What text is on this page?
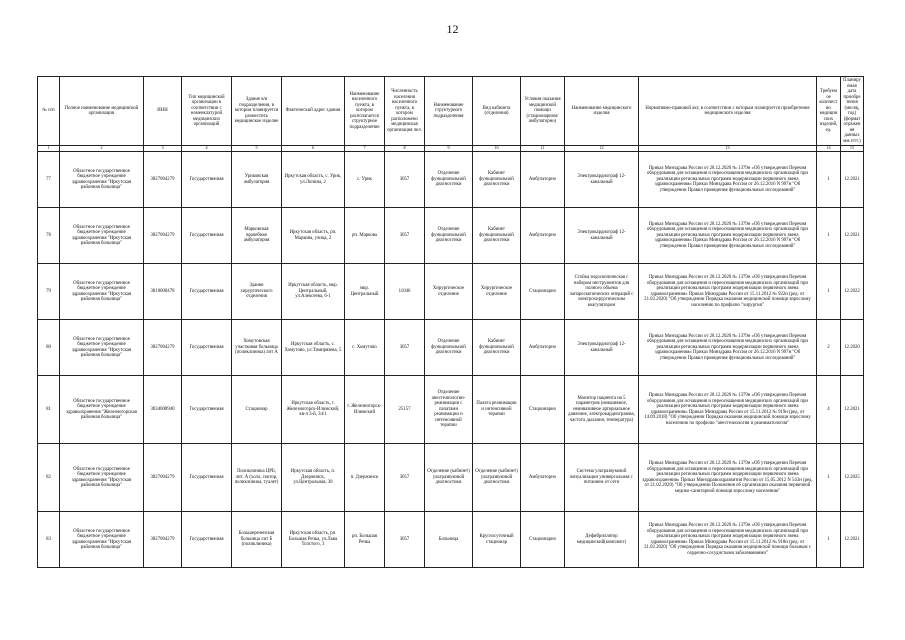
12
№ п/п	Полное наименование медицинской организации	ИНН	Тип медицинской организации в соответствии с номенклатурой медицинских организаций	Здание в/в подразделения, в котором планируется разместить медицинское изделие	Фактический адрес здания	Наименование населенного пункта, в котором располагается структурное подразделение	Численность населения населенного пункта, в котором расположено медицинская организация чел.	Наименование структурного подразделения	Вид кабинета (отделения)	Условия оказания медицинской помощи (стационарном/амбулаторно)	Наименование медицинского изделия	Нормативно-правовой акт, в соответствии с которым планируется приобретение медицинского изделия	Требуемое количество медицинских изделий, ед.	Планируемая дата приобретения (месяц, год) (формат отражения данных мм.гггг.)
1	2	3	4	5	6	7	8	9	10	11	12	13	14	15
77	Областное государственное бюджетное учреждение здравоохранения "Иркутская районная больница"	3827004279	Государственная	Уриковская амбулатория	Иркутская область, с. Урик, ул.Лопина, 2	с. Урик	3057	Отделение функциональной диагностики	Кабинет функциональной диагностики	Амбулаторно	Электрокардиограф 12-канальный	Приказ Минздрава России от 28.12.2020 № 1379н «Об утверждении Перечня оборудования для оснащения и переоснащения медицинских организаций при реализации региональных программ модернизации первичного звена здравоохранения» Приказ Минздрава России от 26.12.2016 N 997н "Об утверждении Правил проведения функциональных исследований"	1	12.2021
78	Областное государственное бюджетное учреждение здравоохранения "Иркутская районная больница"	3827004279	Государственная	Марковская врачебная амбулатория	Иркутская область, рп. Маркова, улица, 2	рп. Маркова	3057	Отделение функциональной диагностики	Кабинет функциональной диагностики	Амбулаторно	Электрокардиограф 12-канальный	Приказ Минздрава России от 28.12.2020 № 1379н «Об утверждении Перечня оборудования для оснащения и переоснащения медицинских организаций при реализации региональных программ модернизации первичного звена здравоохранения» Приказ Минздрава России от 26.12.2016 N 997н "Об утверждении Правил проведения функциональных исследований"	1	12.2021
79	Областное государственное бюджетное учреждение здравоохранения "Иркутская районная больница"	3810000478	Государственная	Здание хирургического отделения	Иркутская область, мкр. Центральный, ул.Алексеева, 6-1	мкр. Центральный	11046	Хирургическое отделение	Хирургическое отделение	Стационарно	Стойка эндоскопическая с набором инструментов для полного объема лапароскопических операций с электрохирургическим коагулятором	Приказ Минздрава России от 28.12.2020 № 1379н «Об утверждении Перечня оборудования для оснащения и переоснащения медицинских организаций при реализации региональных программ модернизации первичного звена здравоохранения» Приказ Минздрава России от 15.11.2012 № 922н (ред. от 21.02.2020) "Об утверждении Порядка оказания медицинской помощи взрослому населению по профилю "хирургия"	1	12.2022
80	Областное государственное бюджетное учреждение здравоохранения "Иркутская районная больница"	3827004279	Государственная	Хомутовская участковая больница (поликлиника) лит А	Иркутская область, с. Хомутово, ул.Тимирязева, 5	с. Хомутово	3057	Отделение функциональной диагностики	Кабинет функциональной диагностики	Амбулаторно	Электрокардиограф 12-канальный	Приказ Минздрава России от 28.12.2020 № 1379н «Об утверждении Перечня оборудования для оснащения и переоснащения медицинских организаций при реализации региональных программ модернизации первичного звена здравоохранения» Приказ Минздрава России от 26.12.2016 N 997н "Об утверждении Правил проведения функциональных исследований"	2	12.2020
81	Областное государственное бюджетное учреждение здравоохранения "Железногорская районная больница"	3834008940	Государственная	Стационар	Иркутская область, г. Железногорск-Илимский, кв-л 3-й, 34/1	г. Железногорск-Илимский	25157	Отделение анестезиологии-реанимации с палатами реанимации и интенсивной терапии	Палата реанимации и интенсивной терапии	Стационарно	Монитор пациента на 5 параметров (инвазивное, неинвазивное артериальное давление, электрокардиограмма, частота дыхания, температура)	Приказ Минздрава России от 28.12.2020 № 1379н «Об утверждении Перечня оборудования для оснащения и переоснащения медицинских организаций при реализации региональных программ модернизации первичного звена здравоохранения» Приказ Минздрава России от 15.11.2012 № 919н (ред. от 14.09.2018) "Об утверждении Порядка оказания медицинской помощи взрослому населению по профилю "анестезиология и реаниматология"	4	12.2021
82	Областное государственное бюджетное учреждение здравоохранения "Иркутская районная больница"	3827004279	Государственная	Поликлиника ЦРБ, лит. А (холл, сектор, поликлиника, туалет)	Иркутская область, п. Дзержинск, ул.Центральная, 38	п. Дзержинск	3057	Отделение (кабинет) ультразвуковой диагностики	Отделение (кабинет) ультразвуковой диагностики	Амбулаторно	Система ультразвуковой визуализации универсальная с питанием от сети	Приказ Минздрава России от 28.12.2020 № 1379н «Об утверждении Перечня оборудования для оснащения и переоснащения медицинских организаций при реализации региональных программ модернизации первичного звена здравоохранения» Приказ Минздравсоцразвития России от 15.05.2012 N 543н (ред. от 21.02.2020) "Об утверждении Положения об организации оказания первичной медико-санитарной помощи взрослому населению"	1	12.2025
83	Областное государственное бюджетное учреждение здравоохранения "Иркутская районная больница"	3827004279	Государственная	Большереченская больница лит Б (поликлиника)	Иркутская область, рп. Большая Речка, ул.Льва Толстого, 3	рп. Большая Речка	3057	Больница	Круглосуточный стационар	Стационарно	Дефибриллятор медицинский(комплект)	Приказ Минздрава России от 28.12.2020 № 1379н «Об утверждении Перечня оборудования для оснащения и переоснащения медицинских организаций при реализации региональных программ модернизации первичного звена здравоохранения» Приказ Минздрава России от 15.11.2012 № 918н (ред. от 21.02.2020) "Об утверждении Порядка оказания медицинской помощи больным с сердечно-сосудистыми заболеваниями"	1	12.2021
